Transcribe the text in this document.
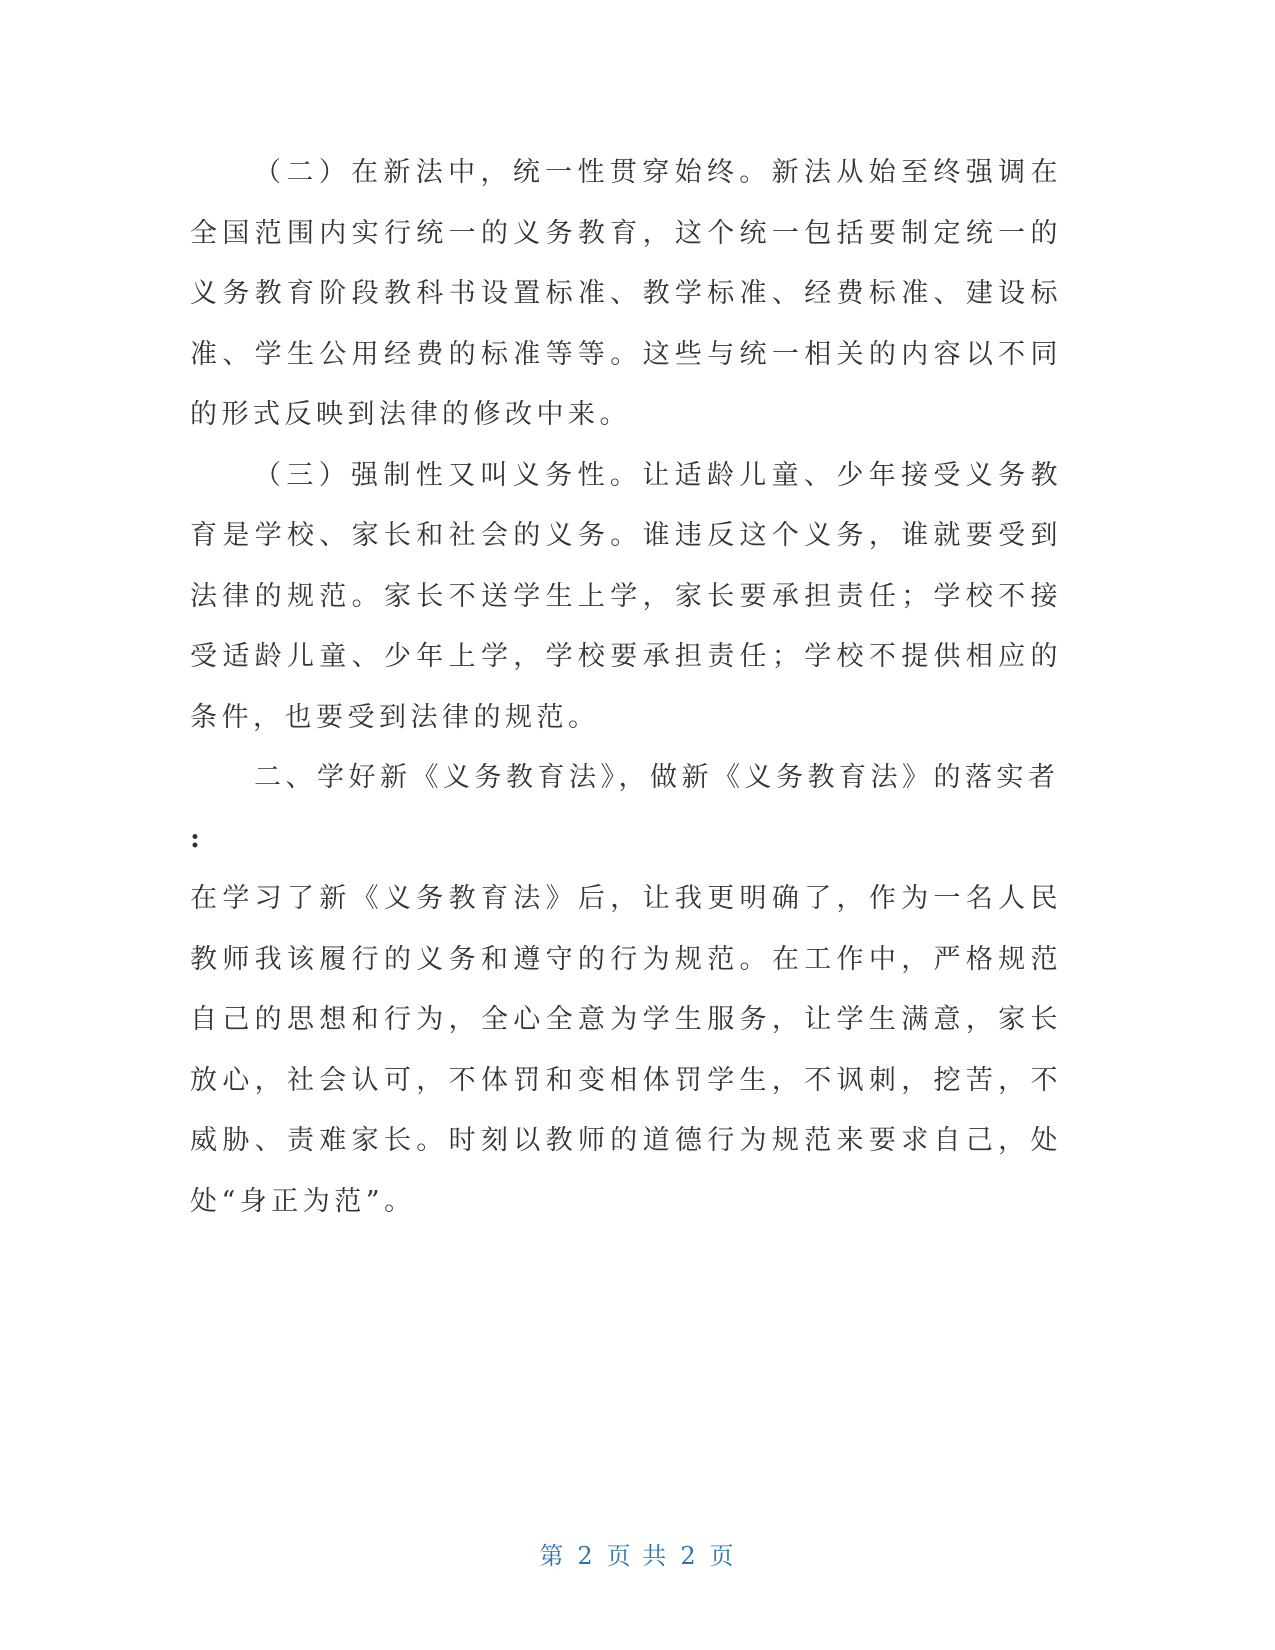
（二）在新法中，统一性贯穿始终。新法从始至终强调在全国范围内实行统一的义务教育，这个统一包括要制定统一的义务教育阶段教科书设置标准、教学标准、经费标准、建设标准、学生公用经费的标准等等。这些与统一相关的内容以不同的形式反映到法律的修改中来。

（三）强制性又叫义务性。让适龄儿童、少年接受义务教育是学校、家长和社会的义务。谁违反这个义务，谁就要受到法律的规范。家长不送学生上学，家长要承担责任；学校不接受适龄儿童、少年上学，学校要承担责任；学校不提供相应的条件，也要受到法律的规范。

二、学好新《义务教育法》，做新《义务教育法》的落实者

:

在学习了新《义务教育法》后，让我更明确了，作为一名人民教师我该履行的义务和遵守的行为规范。在工作中，严格规范自己的思想和行为，全心全意为学生服务，让学生满意，家长放心，社会认可，不体罚和变相体罚学生，不讽刺，挖苦，不威胁、责难家长。时刻以教师的道德行为规范来要求自己，处处“身正为范”。

第 2 页 共 2 页
